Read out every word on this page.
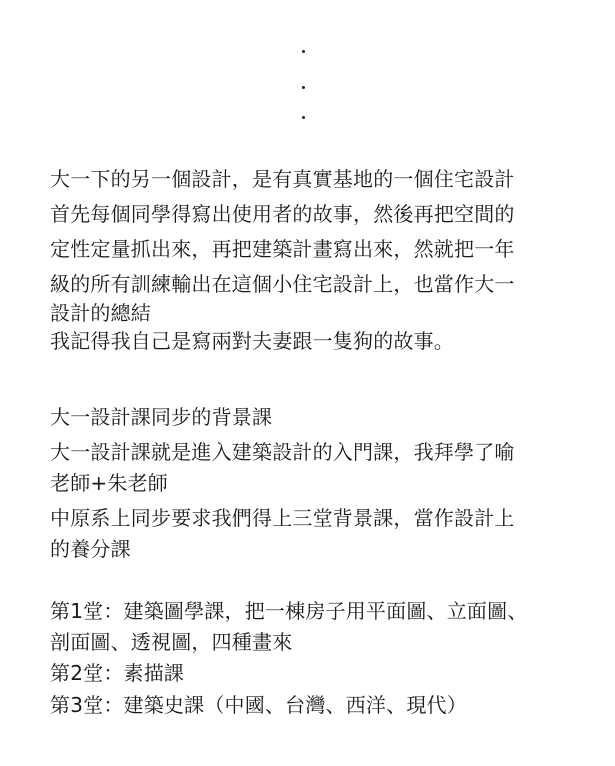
大一下的另一個設計，是有真實基地的一個住宅設計
首先每個同學得寫出使用者的故事，然後再把空間的
定性定量抓出來，再把建築計畫寫出來，然就把一年
級的所有訓練輸出在這個小住宅設計上，也當作大一
設計的總結
我記得我自己是寫兩對夫妻跟一隻狗的故事。
大一設計課同步的背景課
大一設計課就是進入建築設計的入門課，我拜學了喻
老師+朱老師
中原系上同步要求我們得上三堂背景課，當作設計上
的養分課
第1堂：建築圖學課，把一棟房子用平面圖、立面圖、
剖面圖、透視圖，四種畫來
第2堂：素描課
第3堂：建築史課（中國、台灣、西洋、現代）
